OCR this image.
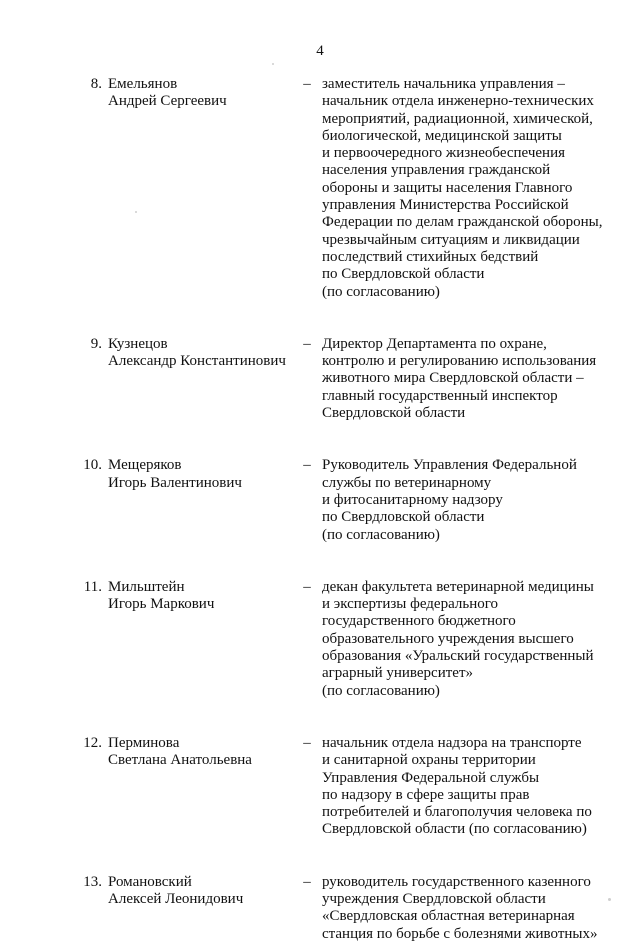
4
8. Емельянов
Андрей Сергеевич
– заместитель начальника управления –
начальник отдела инженерно-технических
мероприятий, радиационной, химической,
биологической, медицинской защиты
и первоочередного жизнеобеспечения
населения управления гражданской
обороны и защиты населения Главного
управления Министерства Российской
Федерации по делам гражданской обороны,
чрезвычайным ситуациям и ликвидации
последствий стихийных бедствий
по Свердловской области
(по согласованию)
9. Кузнецов
Александр Константинович
– Директор Департамента по охране,
контролю и регулированию использования
животного мира Свердловской области –
главный государственный инспектор
Свердловской области
10. Мещеряков
Игорь Валентинович
– Руководитель Управления Федеральной
службы по ветеринарному
и фитосанитарному надзору
по Свердловской области
(по согласованию)
11. Мильштейн
Игорь Маркович
– декан факультета ветеринарной медицины
и экспертизы федерального
государственного бюджетного
образовательного учреждения высшего
образования «Уральский государственный
аграрный университет»
(по согласованию)
12. Перминова
Светлана Анатольевна
– начальник отдела надзора на транспорте
и санитарной охраны территории
Управления Федеральной службы
по надзору в сфере защиты прав
потребителей и благополучия человека по
Свердловской области (по согласованию)
13. Романовский
Алексей Леонидович
– руководитель государственного казенного
учреждения Свердловской области
«Свердловская областная ветеринарная
станция по борьбе с болезнями животных»
